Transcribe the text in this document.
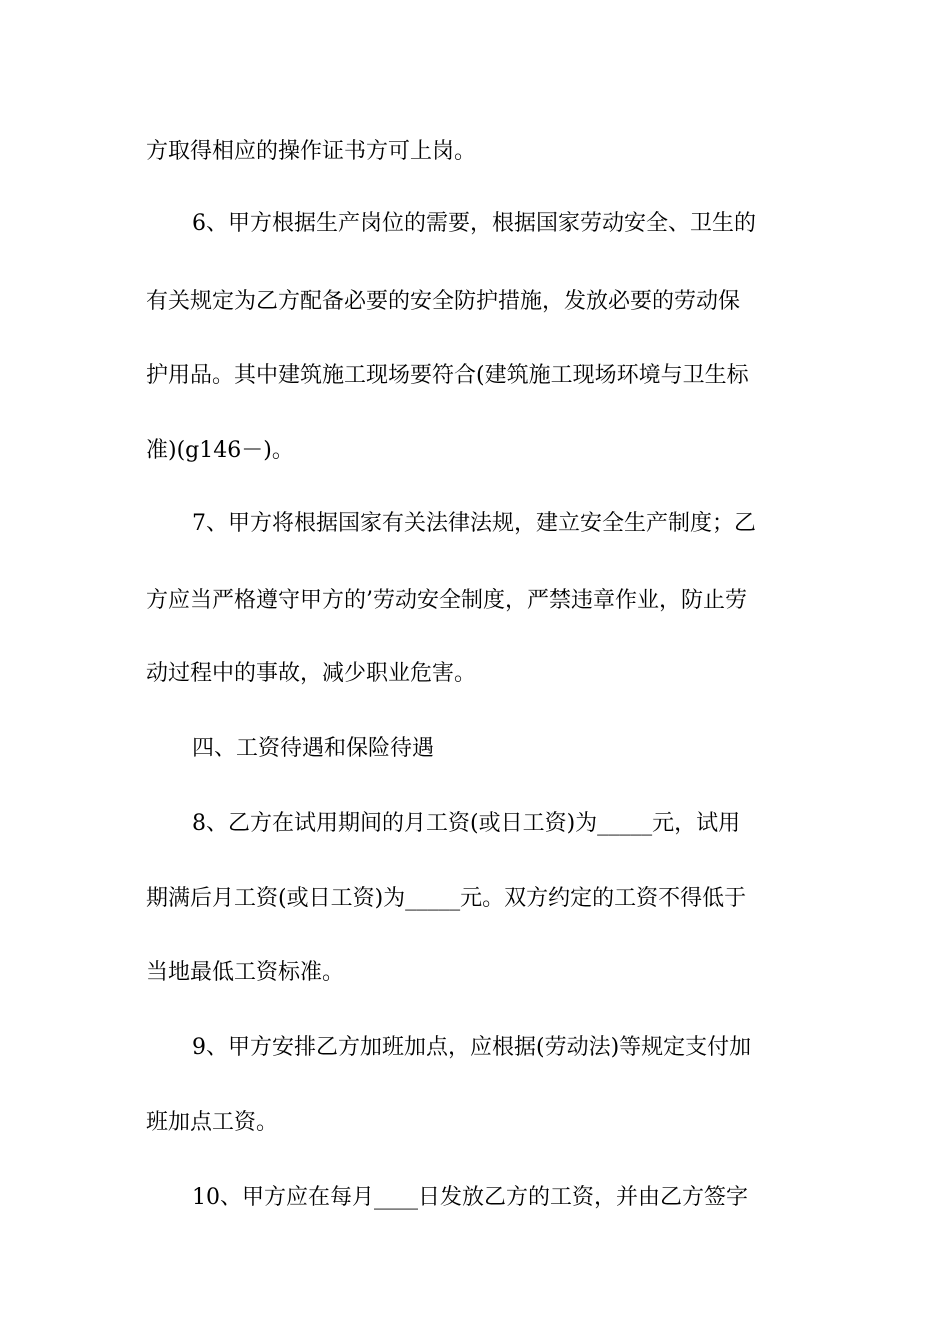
方取得相应的操作证书方可上岗。
6、甲方根据生产岗位的需要，根据国家劳动安全、卫生的
有关规定为乙方配备必要的安全防护措施，发放必要的劳动保
护用品。其中建筑施工现场要符合(建筑施工现场环境与卫生标
准)(g146－)。
7、甲方将根据国家有关法律法规，建立安全生产制度；乙
方应当严格遵守甲方的’劳动安全制度，严禁违章作业，防止劳
动过程中的事故，减少职业危害。
四、工资待遇和保险待遇
8、乙方在试用期间的月工资(或日工资)为_____元，试用
期满后月工资(或日工资)为_____元。双方约定的工资不得低于
当地最低工资标准。
9、甲方安排乙方加班加点，应根据(劳动法)等规定支付加
班加点工资。
10、甲方应在每月____日发放乙方的工资，并由乙方签字
